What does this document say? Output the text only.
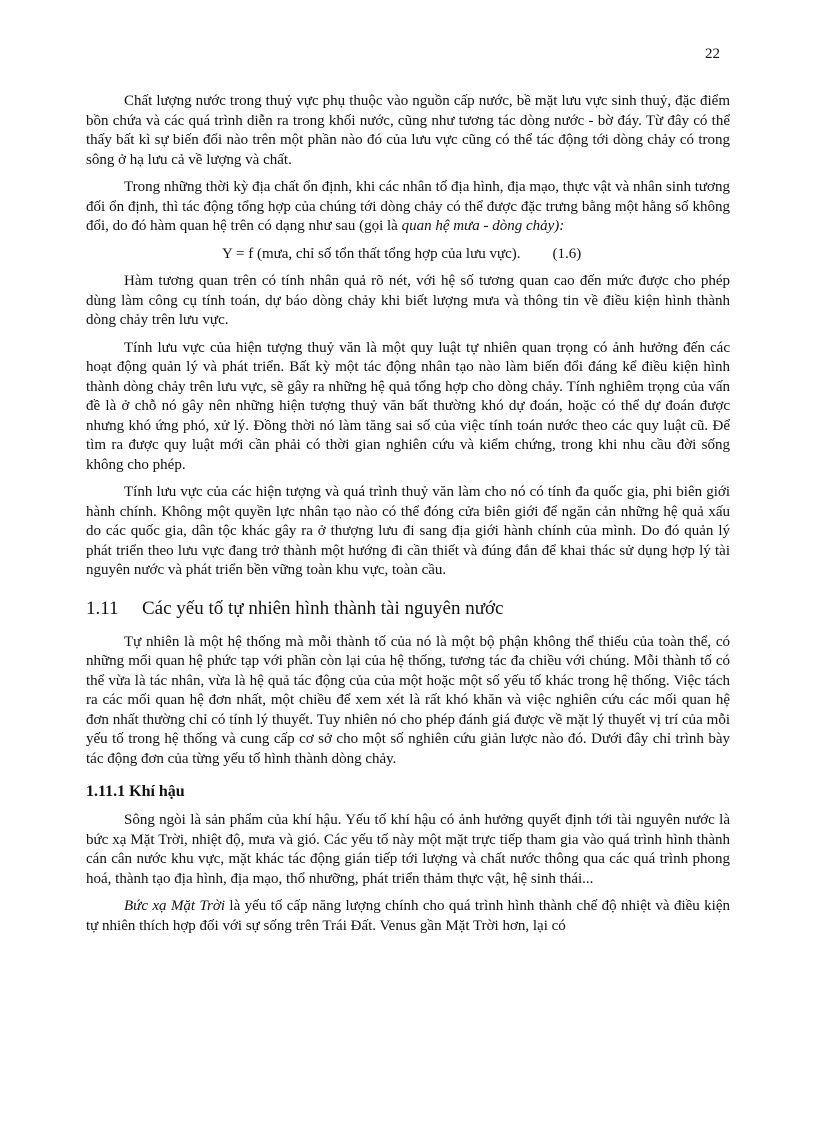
22

Chất lượng nước trong thuỷ vực phụ thuộc vào nguồn cấp nước, bề mặt lưu vực sinh thuỷ, đặc điểm bồn chứa và các quá trình diễn ra trong khối nước, cũng như tương tác dòng nước - bờ đáy. Từ đây có thể thấy bất kì sự biến đổi nào trên một phần nào đó của lưu vực cũng có thể tác động tới dòng chảy có trong sông ở hạ lưu cả về lượng và chất.

Trong những thời kỳ địa chất ổn định, khi các nhân tố địa hình, địa mạo, thực vật và nhân sinh tương đối ổn định, thì tác động tổng hợp của chúng tới dòng chảy có thể được đặc trưng bằng một hằng số không đổi, do đó hàm quan hệ trên có dạng như sau (gọi là quan hệ mưa - dòng chảy):

Y = f (mưa, chỉ số tổn thất tổng hợp của lưu vực). (1.6)

Hàm tương quan trên có tính nhân quả rõ nét, với hệ số tương quan cao đến mức được cho phép dùng làm công cụ tính toán, dự báo dòng chảy khi biết lượng mưa và thông tin về điều kiện hình thành dòng chảy trên lưu vực.

Tính lưu vực của hiện tượng thuỷ văn là một quy luật tự nhiên quan trọng có ảnh hưởng đến các hoạt động quản lý và phát triển. Bất kỳ một tác động nhân tạo nào làm biến đổi đáng kể điều kiện hình thành dòng chảy trên lưu vực, sẽ gây ra những hệ quả tổng hợp cho dòng chảy. Tính nghiêm trọng của vấn đề là ở chỗ nó gây nên những hiện tượng thuỷ văn bất thường khó dự đoán, hoặc có thể dự đoán được nhưng khó ứng phó, xử lý. Đồng thời nó làm tăng sai số của việc tính toán nước theo các quy luật cũ. Để tìm ra được quy luật mới cần phải có thời gian nghiên cứu và kiểm chứng, trong khi nhu cầu đời sống không cho phép.

Tính lưu vực của các hiện tượng và quá trình thuỷ văn làm cho nó có tính đa quốc gia, phi biên giới hành chính. Không một quyền lực nhân tạo nào có thể đóng cửa biên giới để ngăn cản những hệ quả xấu do các quốc gia, dân tộc khác gây ra ở thượng lưu đi sang địa giới hành chính của mình. Do đó quản lý phát triển theo lưu vực đang trở thành một hướng đi cần thiết và đúng đắn để khai thác sử dụng hợp lý tài nguyên nước và phát triển bền vững toàn khu vực, toàn cầu.

1.11 Các yếu tố tự nhiên hình thành tài nguyên nước

Tự nhiên là một hệ thống mà mỗi thành tố của nó là một bộ phận không thể thiếu của toàn thể, có những mối quan hệ phức tạp với phần còn lại của hệ thống, tương tác đa chiều với chúng. Mỗi thành tố có thể vừa là tác nhân, vừa là hệ quả tác động của của một hoặc một số yếu tố khác trong hệ thống. Việc tách ra các mối quan hệ đơn nhất, một chiều để xem xét là rất khó khăn và việc nghiên cứu các mối quan hệ đơn nhất thường chỉ có tính lý thuyết. Tuy nhiên nó cho phép đánh giá được về mặt lý thuyết vị trí của mỗi yếu tố trong hệ thống và cung cấp cơ sở cho một số nghiên cứu giản lược nào đó. Dưới đây chỉ trình bày tác động đơn của từng yếu tố hình thành dòng chảy.

1.11.1 Khí hậu

Sông ngòi là sản phẩm của khí hậu. Yếu tố khí hậu có ảnh hưởng quyết định tới tài nguyên nước là bức xạ Mặt Trời, nhiệt độ, mưa và gió. Các yếu tố này một mặt trực tiếp tham gia vào quá trình hình thành cán cân nước khu vực, mặt khác tác động gián tiếp tới lượng và chất nước thông qua các quá trình phong hoá, thành tạo địa hình, địa mạo, thổ nhưỡng, phát triển thảm thực vật, hệ sinh thái...

Bức xạ Mặt Trời là yếu tố cấp năng lượng chính cho quá trình hình thành chế độ nhiệt và điều kiện tự nhiên thích hợp đối với sự sống trên Trái Đất. Venus gần Mặt Trời hơn, lại có
